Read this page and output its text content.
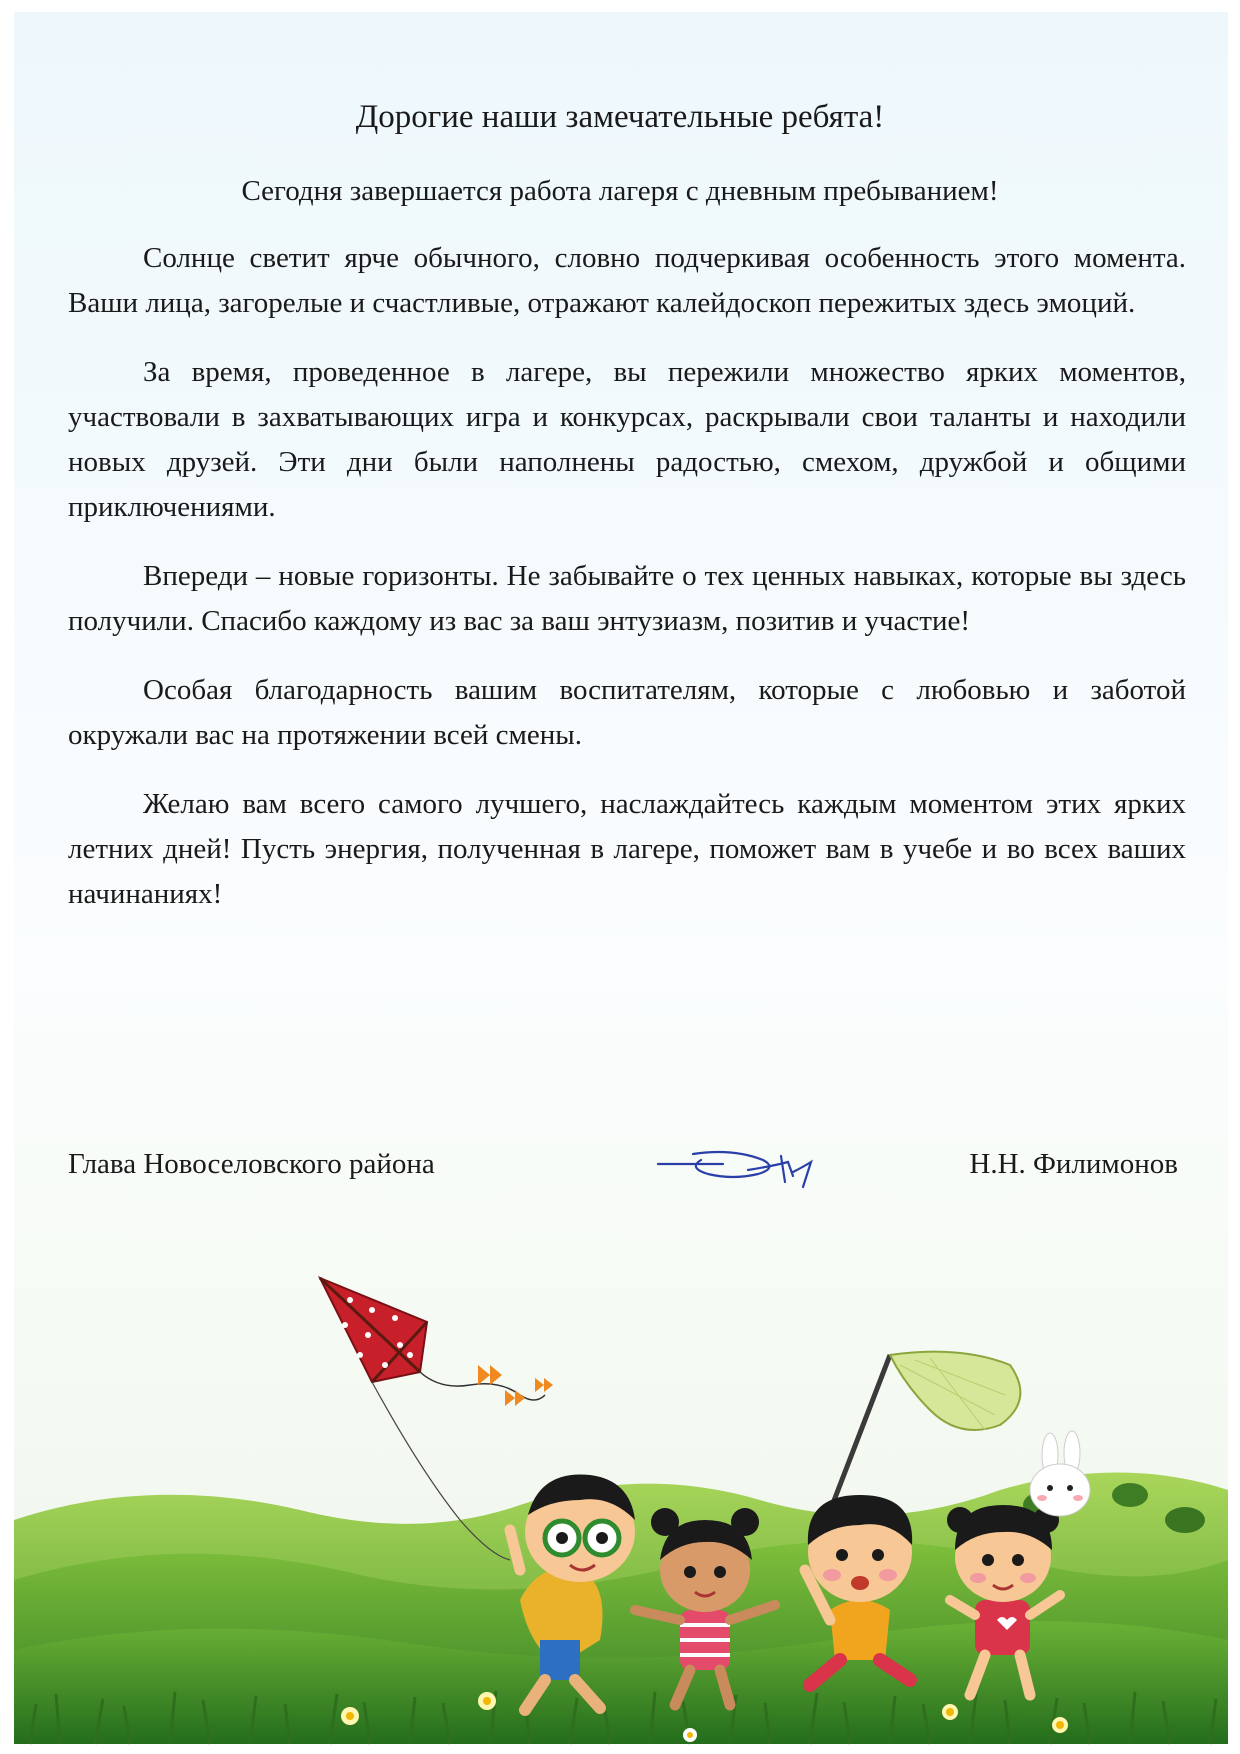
Дорогие наши замечательные ребята!
Сегодня завершается работа лагеря с дневным пребыванием!

Солнце светит ярче обычного, словно подчеркивая особенность этого момента. Ваши лица, загорелые и счастливые, отражают калейдоскоп пережитых здесь эмоций.

За время, проведенное в лагере, вы пережили множество ярких моментов, участвовали в захватывающих игра и конкурсах, раскрывали свои таланты и находили новых друзей. Эти дни были наполнены радостью, смехом, дружбой и общими приключениями.

Впереди – новые горизонты. Не забывайте о тех ценных навыках, которые вы здесь получили. Спасибо каждому из вас за ваш энтузиазм, позитив и участие!

Особая благодарность вашим воспитателям, которые с любовью и заботой окружали вас на протяжении всей смены.

Желаю вам всего самого лучшего, наслаждайтесь каждым моментом этих ярких летних дней! Пусть энергия, полученная в лагере, поможет вам в учебе и во всех ваших начинаниях!

Глава Новоселовского района	Н.Н. Филимонов
